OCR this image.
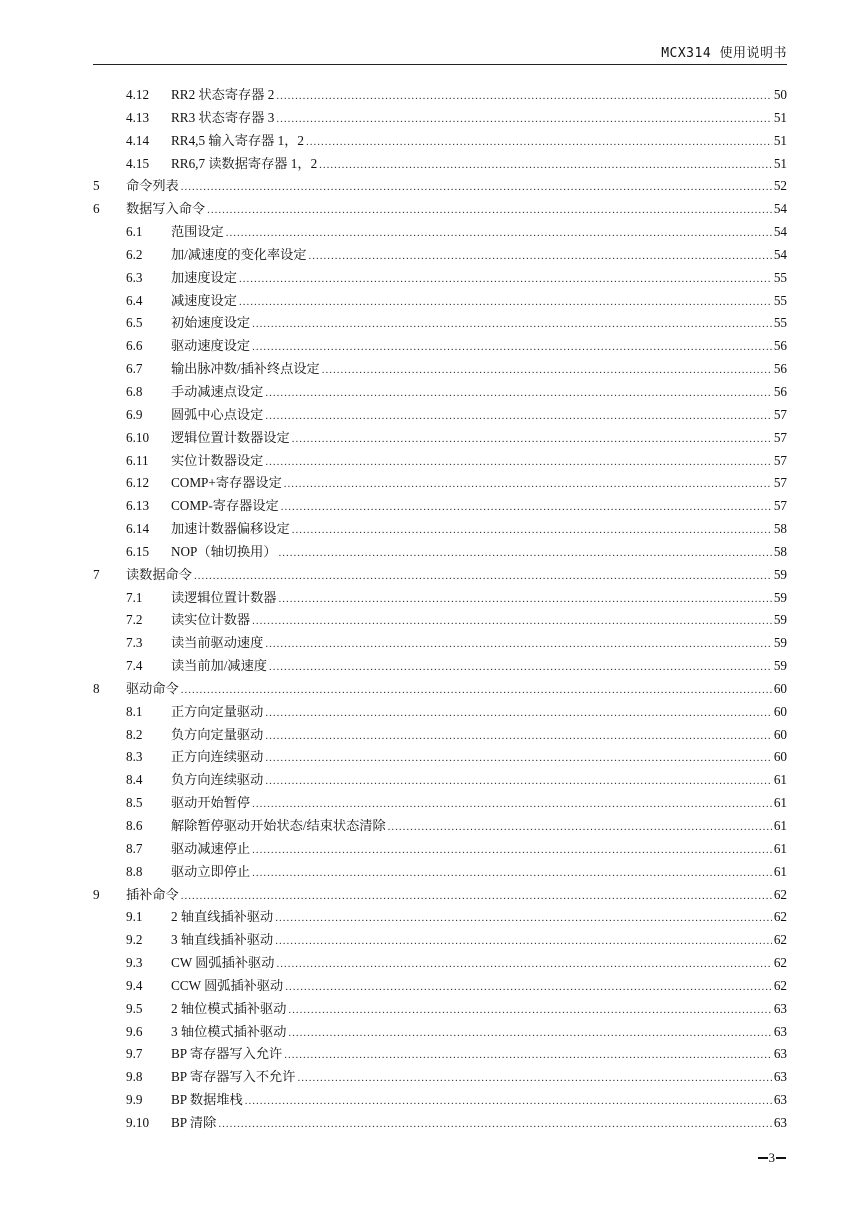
MCX314 使用说明书
4.12 RR2 状态寄存器 2 .....	50
4.13 RR3 状态寄存器 3 .....	51
4.14 RR4,5 输入寄存器 1，2 .....	51
4.15 RR6,7 读数据寄存器 1，2 .....	51
5 命令列表 .....	52
6 数据写入命令 .....	54
6.1 范围设定 .....	54
6.2 加/减速度的变化率设定 .....	54
6.3 加速度设定 .....	55
6.4 减速度设定 .....	55
6.5 初始速度设定 .....	55
6.6 驱动速度设定 .....	56
6.7 输出脉冲数/插补终点设定 .....	56
6.8 手动减速点设定 .....	56
6.9 圆弧中心点设定 .....	57
6.10 逻辑位置计数器设定 .....	57
6.11 实位计数器设定 .....	57
6.12 COMP+寄存器设定 .....	57
6.13 COMP-寄存器设定 .....	57
6.14 加速计数器偏移设定 .....	58
6.15 NOP（轴切换用） .....	58
7 读数据命令 .....	59
7.1 读逻辑位置计数器 .....	59
7.2 读实位计数器 .....	59
7.3 读当前驱动速度 .....	59
7.4 读当前加/减速度 .....	59
8 驱动命令 .....	60
8.1 正方向定量驱动 .....	60
8.2 负方向定量驱动 .....	60
8.3 正方向连续驱动 .....	60
8.4 负方向连续驱动 .....	61
8.5 驱动开始暂停 .....	61
8.6 解除暂停驱动开始状态/结束状态清除 .....	61
8.7 驱动减速停止 .....	61
8.8 驱动立即停止 .....	61
9 插补命令 .....	62
9.1 2 轴直线插补驱动 .....	62
9.2 3 轴直线插补驱动 .....	62
9.3 CW 圆弧插补驱动 .....	62
9.4 CCW 圆弧插补驱动 .....	62
9.5 2 轴位模式插补驱动 .....	63
9.6 3 轴位模式插补驱动 .....	63
9.7 BP 寄存器写入允许 .....	63
9.8 BP 寄存器写入不允许 .....	63
9.9 BP 数据堆栈 .....	63
9.10 BP 清除 .....	63
3
